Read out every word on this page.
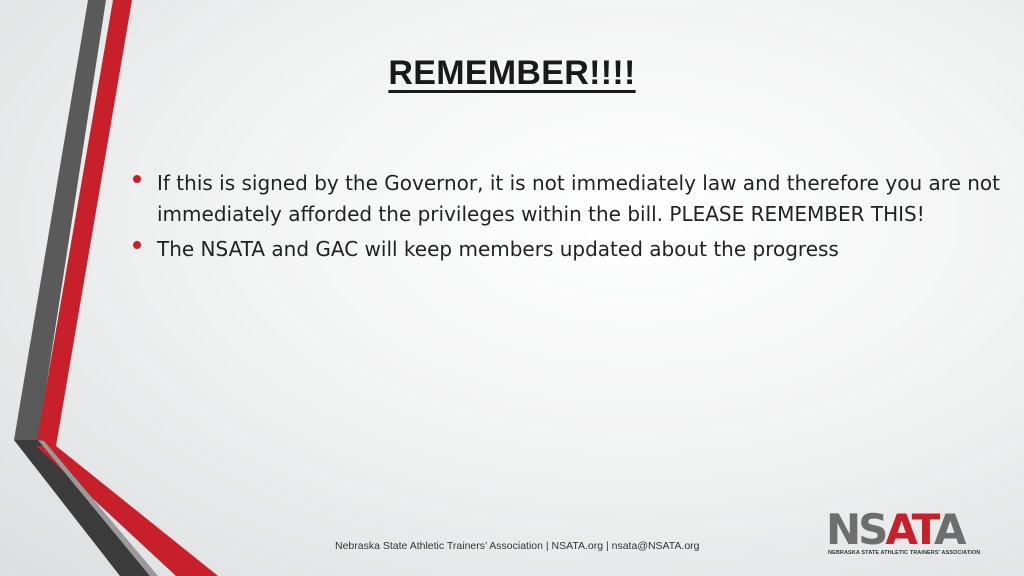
REMEMBER!!!!
If this is signed by the Governor, it is not immediately law and therefore you are not immediately afforded the privileges within the bill. PLEASE REMEMBER THIS!
The NSATA and GAC will keep members updated about the progress
Nebraska State Athletic Trainers’ Association | NSATA.org | nsata@NSATA.org	NSATA
NEBRASKA STATE ATHLETIC TRAINERS’ ASSOCIATION
